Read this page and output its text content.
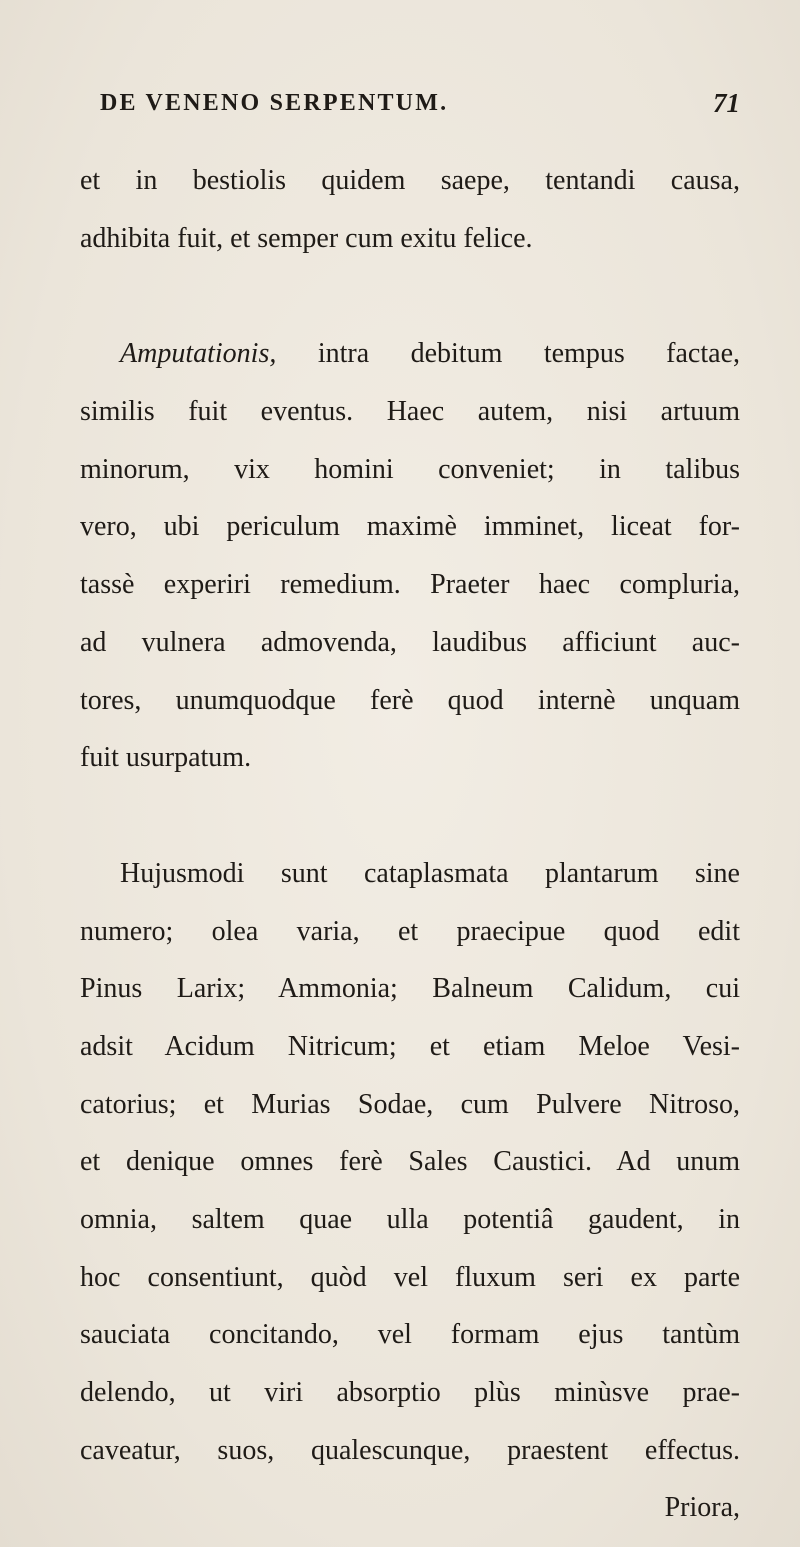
DE VENENO SERPENTUM.	71
et in bestiolis quidem saepe, tentandi causa,
adhibita fuit, et semper cum exitu felice.
Amputationis, intra debitum tempus factae,
similis fuit eventus. Haec autem, nisi artuum
minorum, vix homini conveniet; in talibus
vero, ubi periculum maximè imminet, liceat for-
tassè experiri remedium. Praeter haec compluria,
ad vulnera admovenda, laudibus afficiunt auc-
tores, unumquodque ferè quod internè unquam
fuit usurpatum.
Hujusmodi sunt cataplasmata plantarum sine
numero; olea varia, et praecipue quod edit
Pinus Larix; Ammonia; Balneum Calidum, cui
adsit Acidum Nitricum; et etiam Meloe Vesi-
catorius; et Murias Sodae, cum Pulvere Nitroso,
et denique omnes ferè Sales Caustici. Ad unum
omnia, saltem quae ulla potentiâ gaudent, in
hoc consentiunt, quòd vel fluxum seri ex parte
sauciata concitando, vel formam ejus tantùm
delendo, ut viri absorptio plùs minùsve prae-
caveatur, suos, qualescunque, praestent effectus.
Priora,
